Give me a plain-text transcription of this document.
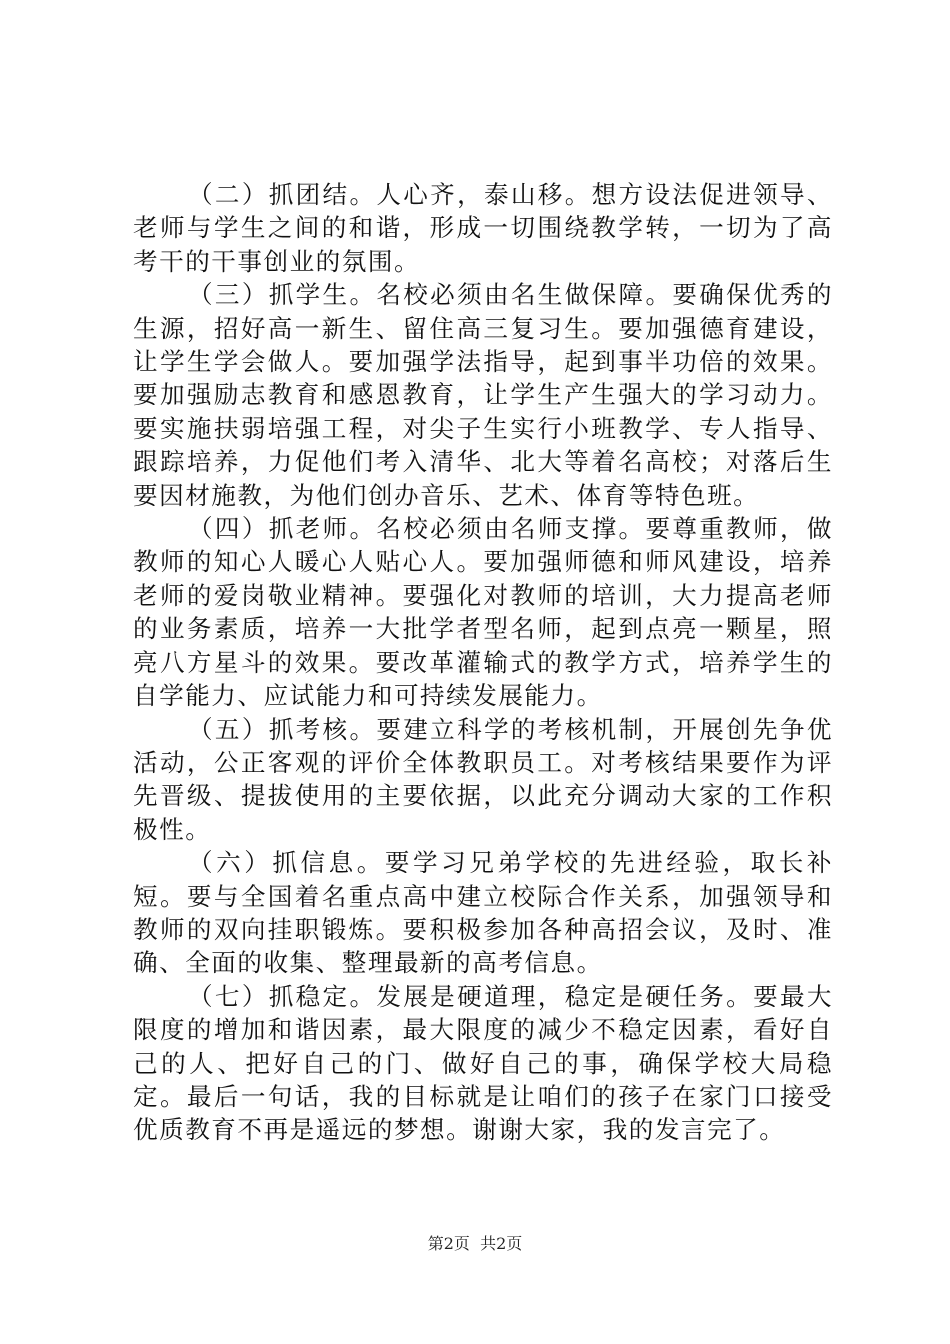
（二）抓团结。人心齐，泰山移。想方设法促进领导、老师与学生之间的和谐，形成一切围绕教学转，一切为了高考干的干事创业的氛围。

（三）抓学生。名校必须由名生做保障。要确保优秀的生源，招好高一新生、留住高三复习生。要加强德育建设，让学生学会做人。要加强学法指导，起到事半功倍的效果。要加强励志教育和感恩教育，让学生产生强大的学习动力。要实施扶弱培强工程，对尖子生实行小班教学、专人指导、跟踪培养，力促他们考入清华、北大等着名高校；对落后生要因材施教，为他们创办音乐、艺术、体育等特色班。

（四）抓老师。名校必须由名师支撑。要尊重教师，做教师的知心人暖心人贴心人。要加强师德和师风建设，培养老师的爱岗敬业精神。要强化对教师的培训，大力提高老师的业务素质，培养一大批学者型名师，起到点亮一颗星，照亮八方星斗的效果。要改革灌输式的教学方式，培养学生的自学能力、应试能力和可持续发展能力。

（五）抓考核。要建立科学的考核机制，开展创先争优活动，公正客观的评价全体教职员工。对考核结果要作为评先晋级、提拔使用的主要依据，以此充分调动大家的工作积极性。

（六）抓信息。要学习兄弟学校的先进经验，取长补短。要与全国着名重点高中建立校际合作关系，加强领导和教师的双向挂职锻炼。要积极参加各种高招会议，及时、准确、全面的收集、整理最新的高考信息。

（七）抓稳定。发展是硬道理，稳定是硬任务。要最大限度的增加和谐因素，最大限度的减少不稳定因素，看好自己的人、把好自己的门、做好自己的事，确保学校大局稳定。最后一句话，我的目标就是让咱们的孩子在家门口接受优质教育不再是遥远的梦想。谢谢大家，我的发言完了。

第2页  共2页
